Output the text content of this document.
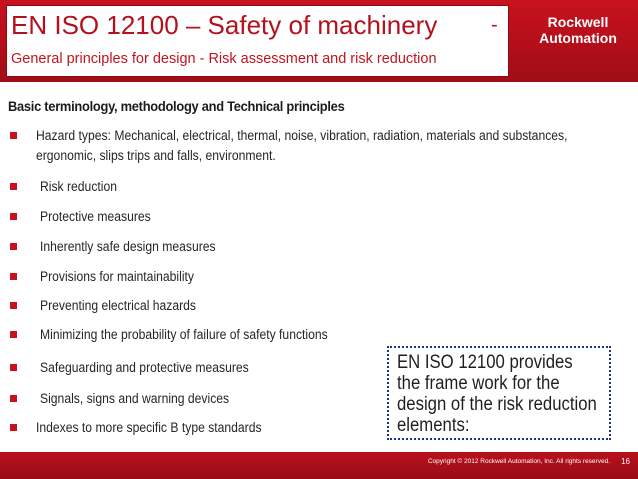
EN ISO 12100 – Safety of machinery	-
General principles for design - Risk assessment and risk reduction
Rockwell
Automation
Basic terminology, methodology and Technical principles
Hazard types: Mechanical, electrical, thermal, noise, vibration, radiation, materials and substances, ergonomic, slips trips and falls, environment.
Risk reduction
Protective measures
Inherently safe design measures
Provisions for maintainability
Preventing electrical hazards
Minimizing the probability of failure of safety functions
Safeguarding and protective measures
Signals, signs and warning devices
Indexes to more specific B type standards
EN ISO 12100 provides the frame work for the design of the risk reduction elements:
Copyright © 2012 Rockwell Automation, Inc. All rights reserved. 16
